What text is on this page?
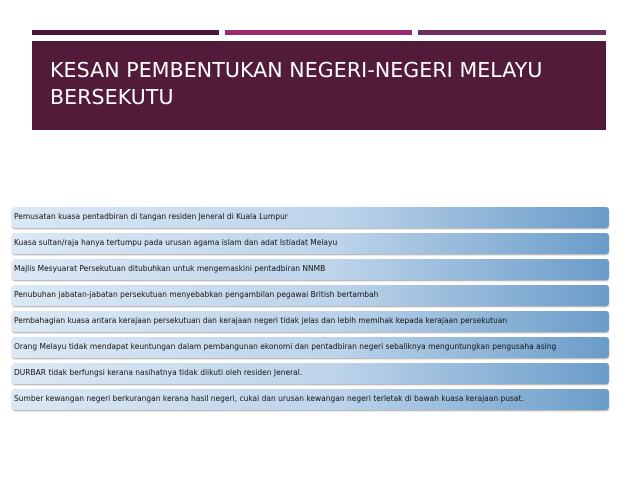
KESAN PEMBENTUKAN NEGERI-NEGERI MELAYU BERSEKUTU
Pemusatan kuasa pentadbiran di tangan residen Jeneral di Kuala Lumpur
Kuasa sultan/raja hanya tertumpu pada urusan agama islam dan adat Istiadat Melayu
Majlis Mesyuarat Persekutuan ditubuhkan untuk mengemaskini pentadbiran NNMB
Penubuhan jabatan-jabatan persekutuan menyebabkan pengambilan pegawai British bertambah
Pembahagian kuasa antara kerajaan persekutuan dan kerajaan negeri tidak jelas dan lebih memihak kepada kerajaan persekutuan
Orang Melayu tidak mendapat keuntungan dalam pembangunan ekonomi dan pentadbiran negeri sebaliknya menguntungkan pengusaha asing
DURBAR tidak berfungsi kerana nasihatnya tidak diikuti oleh residen Jeneral.
Sumber kewangan negeri berkurangan kerana hasil negeri, cukai dan urusan kewangan negeri terletak di bawah kuasa kerajaan pusat.
